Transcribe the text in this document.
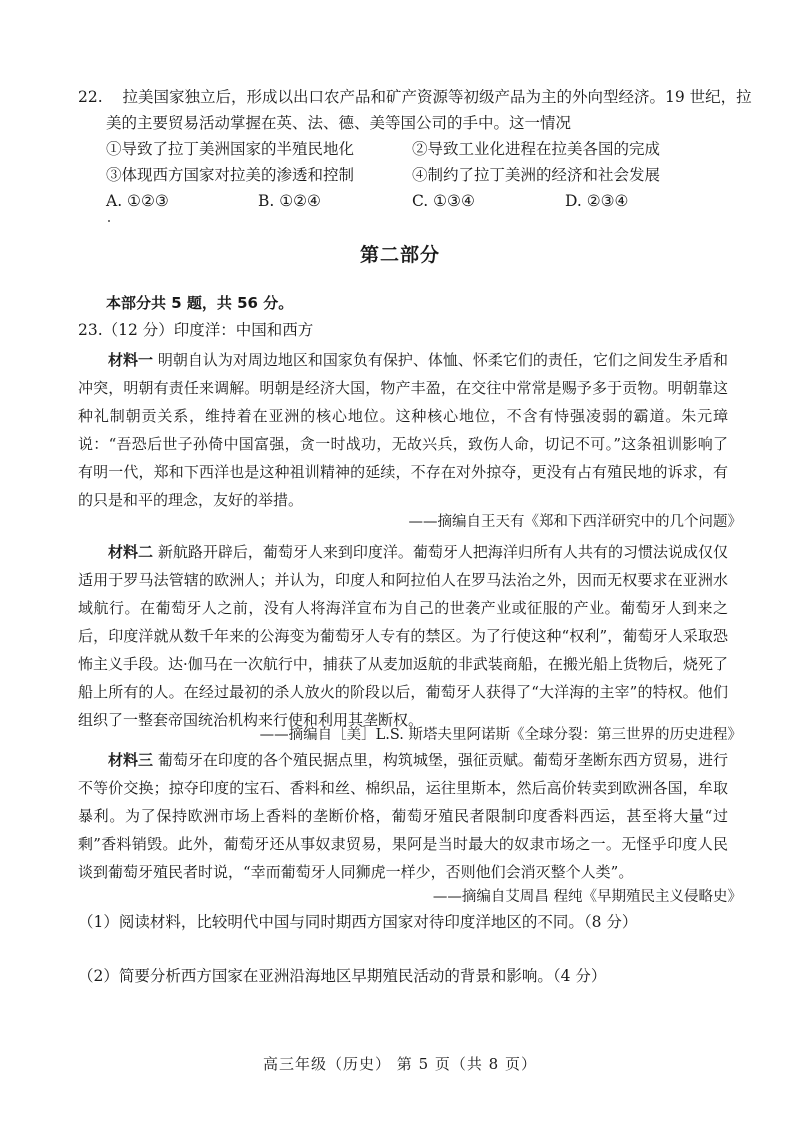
22. 拉美国家独立后，形成以出口农产品和矿产资源等初级产品为主的外向型经济。19 世纪，拉
美的主要贸易活动掌握在英、法、德、美等国公司的手中。这一情况
①导致了拉丁美洲国家的半殖民地化	②导致工业化进程在拉美各国的完成
③体现西方国家对拉美的渗透和控制	④制约了拉丁美洲的经济和社会发展
A. ①②③	B. ①②④	C. ①③④	D. ②③④
第二部分
本部分共 5 题，共 56 分。
23.（12 分）印度洋：中国和西方
材料一 明朝自认为对周边地区和国家负有保护、体恤、怀柔它们的责任，它们之间发生矛盾和冲突，明朝有责任来调解。明朝是经济大国，物产丰盈，在交往中常常是赐予多于贡物。明朝靠这种礼制朝贡关系，维持着在亚洲的核心地位。这种核心地位，不含有恃强凌弱的霸道。朱元璋说：“吾恐后世子孙倚中国富强，贪一时战功，无故兴兵，致伤人命，切记不可。”这条祖训影响了有明一代，郑和下西洋也是这种祖训精神的延续，不存在对外掠夺，更没有占有殖民地的诉求，有的只是和平的理念，友好的举措。
——摘编自王天有《郑和下西洋研究中的几个问题》
材料二 新航路开辟后，葡萄牙人来到印度洋。葡萄牙人把海洋归所有人共有的习惯法说成仅仅适用于罗马法管辖的欧洲人；并认为，印度人和阿拉伯人在罗马法治之外，因而无权要求在亚洲水域航行。在葡萄牙人之前，没有人将海洋宣布为自己的世袭产业或征服的产业。葡萄牙人到来之后，印度洋就从数千年来的公海变为葡萄牙人专有的禁区。为了行使这种“权利”，葡萄牙人采取恐怖主义手段。达·伽马在一次航行中，捕获了从麦加返航的非武装商船，在搬光船上货物后，烧死了船上所有的人。在经过最初的杀人放火的阶段以后，葡萄牙人获得了“大洋海的主宰”的特权。他们组织了一整套帝国统治机构来行使和利用其垄断权。
——摘编自［美］L.S. 斯塔夫里阿诺斯《全球分裂：第三世界的历史进程》
材料三 葡萄牙在印度的各个殖民据点里，构筑城堡，强征贡赋。葡萄牙垄断东西方贸易，进行不等价交换；掠夺印度的宝石、香料和丝、棉织品，运往里斯本，然后高价转卖到欧洲各国，牟取暴利。为了保持欧洲市场上香料的垄断价格，葡萄牙殖民者限制印度香料西运，甚至将大量“过剩”香料销毁。此外，葡萄牙还从事奴隶贸易，果阿是当时最大的奴隶市场之一。无怪乎印度人民谈到葡萄牙殖民者时说，“幸而葡萄牙人同狮虎一样少，否则他们会消灭整个人类”。
——摘编自艾周昌 程纯《早期殖民主义侵略史》
（1）阅读材料，比较明代中国与同时期西方国家对待印度洋地区的不同。（8 分）
（2）简要分析西方国家在亚洲沿海地区早期殖民活动的背景和影响。（4 分）
高三年级（历史） 第 5 页（共 8 页）
